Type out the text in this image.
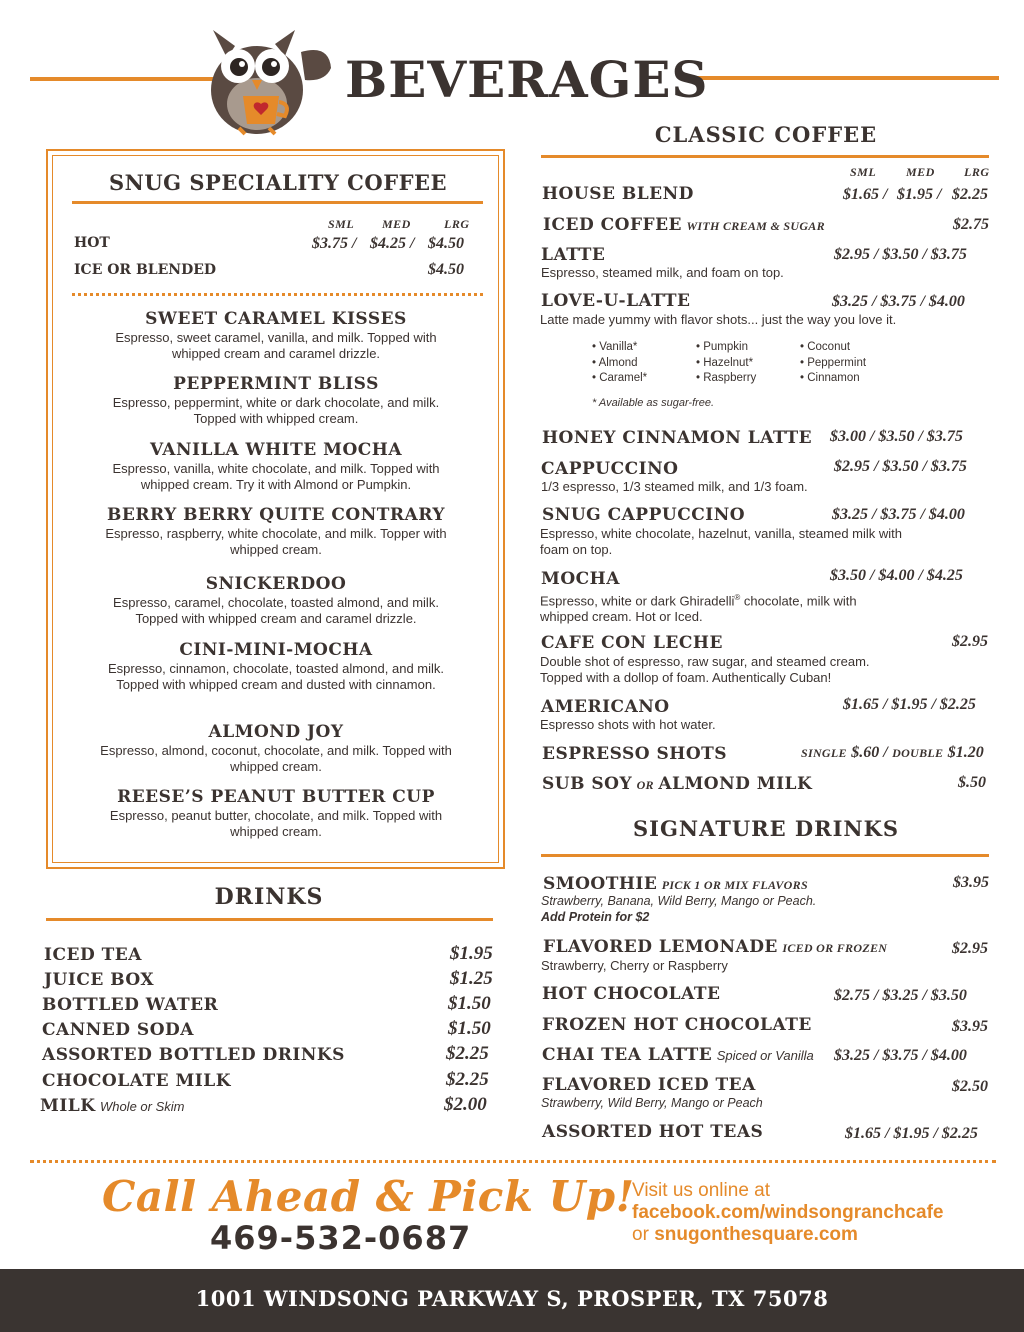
BEVERAGES
SNUG SPECIALITY COFFEE
SML MED	LRG
HOT	$3.75 / $4.25 / $4.50
ICE OR BLENDED	$4.50
SWEET CARAMEL KISSES
Espresso, sweet caramel, vanilla, and milk. Topped with whipped cream and caramel drizzle.
PEPPERMINT BLISS
Espresso, peppermint, white or dark chocolate, and milk. Topped with whipped cream.
VANILLA WHITE MOCHA
Espresso, vanilla, white chocolate, and milk. Topped with whipped cream. Try it with Almond or Pumpkin.
BERRY BERRY QUITE CONTRARY
Espresso, raspberry, white chocolate, and milk. Topper with whipped cream.
SNICKERDOO
Espresso, caramel, chocolate, toasted almond, and milk. Topped with whipped cream and caramel drizzle.
CINI-MINI-MOCHA
Espresso, cinnamon, chocolate, toasted almond, and milk. Topped with whipped cream and dusted with cinnamon.
ALMOND JOY
Espresso, almond, coconut, chocolate, and milk. Topped with whipped cream.
REESE’S PEANUT BUTTER CUP
Espresso, peanut butter, chocolate, and milk. Topped with whipped cream.
DRINKS
ICED TEA	$1.95
JUICE BOX	$1.25
BOTTLED WATER	$1.50
CANNED SODA	$1.50
ASSORTED BOTTLED DRINKS	$2.25
CHOCOLATE MILK	$2.25
MILK Whole or Skim	$2.00
CLASSIC COFFEE
SML MED LRG
HOUSE BLEND	$1.65 / $1.95 / $2.25
ICED COFFEE WITH CREAM & SUGAR	$2.75
LATTE	$2.95 / $3.50 / $3.75
Espresso, steamed milk, and foam on top.
LOVE-U-LATTE	$3.25 / $3.75 / $4.00
Latte made yummy with flavor shots... just the way you love it.
• Vanilla*
• Almond
• Caramel*
• Pumpkin
• Hazelnut*
• Raspberry
• Coconut
• Peppermint
• Cinnamon
* Available as sugar-free.
HONEY CINNAMON LATTE $3.00 / $3.50 / $3.75
CAPPUCCINO	$2.95 / $3.50 / $3.75
1/3 espresso, 1/3 steamed milk, and 1/3 foam.
SNUG CAPPUCCINO	$3.25 / $3.75 / $4.00
Espresso, white chocolate, hazelnut, vanilla, steamed milk with foam on top.
MOCHA	$3.50 / $4.00 / $4.25
Espresso, white or dark Ghiradelli® chocolate, milk with whipped cream. Hot or Iced.
CAFE CON LECHE	$2.95
Double shot of espresso, raw sugar, and steamed cream. Topped with a dollop of foam. Authentically Cuban!
AMERICANO	$1.65 / $1.95 / $2.25
Espresso shots with hot water.
ESPRESSO SHOTS	SINGLE $.60 / DOUBLE $1.20
SUB SOY OR ALMOND MILK	$.50
SIGNATURE DRINKS
SMOOTHIE PICK 1 OR MIX FLAVORS	$3.95
Strawberry, Banana, Wild Berry, Mango or Peach.
Add Protein for $2
FLAVORED LEMONADE ICED OR FROZEN	$2.95
Strawberry, Cherry or Raspberry
HOT CHOCOLATE	$2.75 / $3.25 / $3.50
FROZEN HOT CHOCOLATE	$3.95
CHAI TEA LATTE Spiced or Vanilla $3.25 / $3.75 / $4.00
FLAVORED ICED TEA	$2.50
Strawberry, Wild Berry, Mango or Peach
ASSORTED HOT TEAS	$1.65 / $1.95 / $2.25
Call Ahead & Pick Up!
469-532-0687
Visit us online at
facebook.com/windsongranchcafe
or snugonthesquare.com
1001 WINDSONG PARKWAY S, PROSPER, TX 75078
